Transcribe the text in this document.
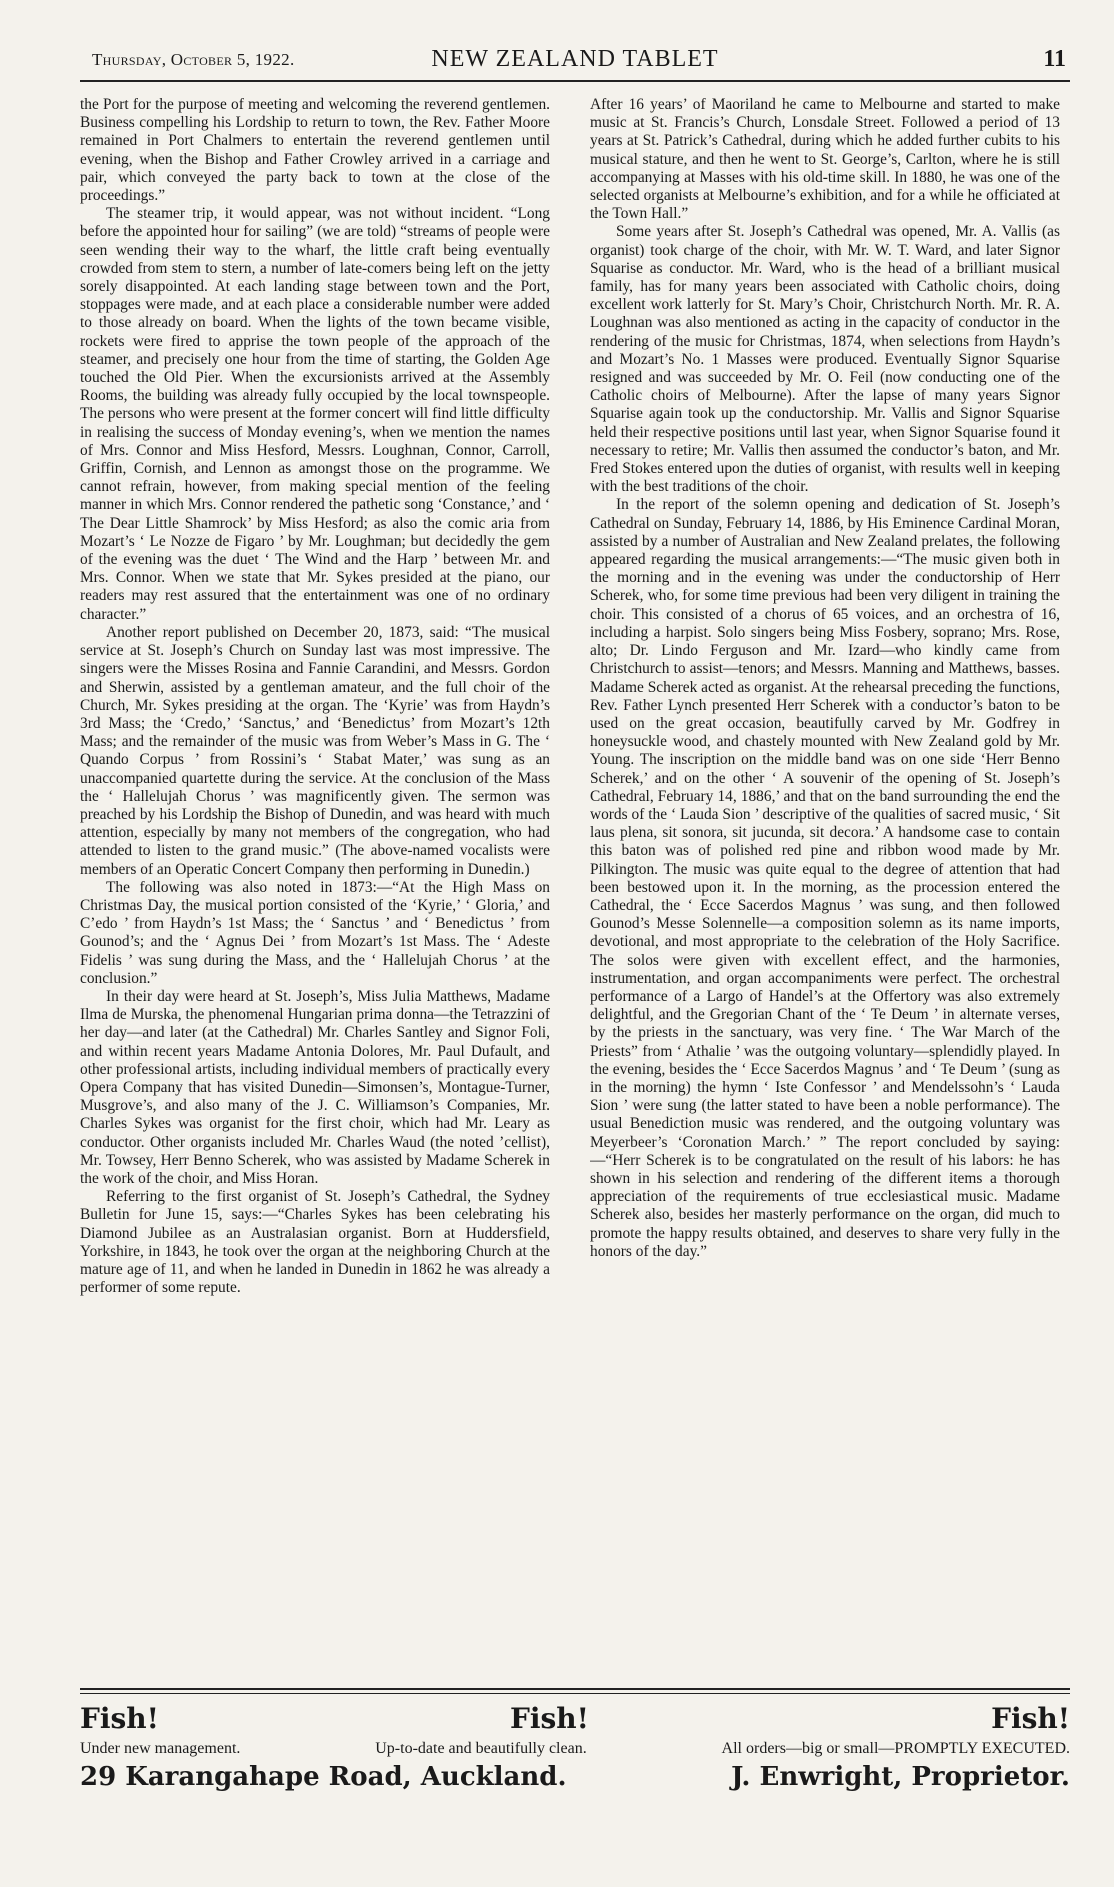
Thursday, October 5, 1922.	NEW ZEALAND TABLET	11

the Port for the purpose of meeting and welcoming the reverend gentlemen. Business compelling his Lordship to return to town, the Rev. Father Moore remained in Port Chalmers to entertain the reverend gentlemen until evening, when the Bishop and Father Crowley arrived in a carriage and pair, which conveyed the party back to town at the close of the proceedings.”

The steamer trip, it would appear, was not without incident. “Long before the appointed hour for sailing” (we are told) “streams of people were seen wending their way to the wharf, the little craft being eventually crowded from stem to stern, a number of late-comers being left on the jetty sorely disappointed. At each landing stage between town and the Port, stoppages were made, and at each place a considerable number were added to those already on board. When the lights of the town became visible, rockets were fired to apprise the town people of the approach of the steamer, and precisely one hour from the time of starting, the Golden Age touched the Old Pier. When the excursionists arrived at the Assembly Rooms, the building was already fully occupied by the local townspeople. The persons who were present at the former concert will find little difficulty in realising the success of Monday evening’s, when we mention the names of Mrs. Connor and Miss Hesford, Messrs. Loughnan, Connor, Carroll, Griffin, Cornish, and Lennon as amongst those on the programme. We cannot refrain, however, from making special mention of the feeling manner in which Mrs. Connor rendered the pathetic song ‘Constance,’ and ‘ The Dear Little Shamrock’ by Miss Hesford; as also the comic aria from Mozart’s ‘ Le Nozze de Figaro ’ by Mr. Loughman; but decidedly the gem of the evening was the duet ‘ The Wind and the Harp ’ between Mr. and Mrs. Connor. When we state that Mr. Sykes presided at the piano, our readers may rest assured that the entertainment was one of no ordinary character.”

Another report published on December 20, 1873, said: “The musical service at St. Joseph’s Church on Sunday last was most impressive. The singers were the Misses Rosina and Fannie Carandini, and Messrs. Gordon and Sherwin, assisted by a gentleman amateur, and the full choir of the Church, Mr. Sykes presiding at the organ. The ‘Kyrie’ was from Haydn’s 3rd Mass; the ‘Credo,’ ‘Sanctus,’ and ‘Benedictus’ from Mozart’s 12th Mass; and the remainder of the music was from Weber’s Mass in G. The ‘ Quando Corpus ’ from Rossini’s ‘ Stabat Mater,’ was sung as an unaccompanied quartette during the service. At the conclusion of the Mass the ‘ Hallelujah Chorus ’ was magnificently given. The sermon was preached by his Lordship the Bishop of Dunedin, and was heard with much attention, especially by many not members of the congregation, who had attended to listen to the grand music.” (The above-named vocalists were members of an Operatic Concert Company then performing in Dunedin.)

The following was also noted in 1873:—“At the High Mass on Christmas Day, the musical portion consisted of the ‘Kyrie,’ ‘ Gloria,’ and C’edo ’ from Haydn’s 1st Mass; the ‘ Sanctus ’ and ‘ Benedictus ’ from Gounod’s; and the ‘ Agnus Dei ’ from Mozart’s 1st Mass. The ‘ Adeste Fidelis ’ was sung during the Mass, and the ‘ Hallelujah Chorus ’ at the conclusion.”

In their day were heard at St. Joseph’s, Miss Julia Matthews, Madame Ilma de Murska, the phenomenal Hungarian prima donna—the Tetrazzini of her day—and later (at the Cathedral) Mr. Charles Santley and Signor Foli, and within recent years Madame Antonia Dolores, Mr. Paul Dufault, and other professional artists, including individual members of practically every Opera Company that has visited Dunedin—Simonsen’s, Montague-Turner, Musgrove’s, and also many of the J. C. Williamson’s Companies, Mr. Charles Sykes was organist for the first choir, which had Mr. Leary as conductor. Other organists included Mr. Charles Waud (the noted ’cellist), Mr. Towsey, Herr Benno Scherek, who was assisted by Madame Scherek in the work of the choir, and Miss Horan.

Referring to the first organist of St. Joseph’s Cathedral, the Sydney Bulletin for June 15, says:—“Charles Sykes has been celebrating his Diamond Jubilee as an Australasian organist. Born at Huddersfield, Yorkshire, in 1843, he took over the organ at the neighboring Church at the mature age of 11, and when he landed in Dunedin in 1862 he was already a performer of some repute.

After 16 years’ of Maoriland he came to Melbourne and started to make music at St. Francis’s Church, Lonsdale Street. Followed a period of 13 years at St. Patrick’s Cathedral, during which he added further cubits to his musical stature, and then he went to St. George’s, Carlton, where he is still accompanying at Masses with his old-time skill. In 1880, he was one of the selected organists at Melbourne’s exhibition, and for a while he officiated at the Town Hall.”

Some years after St. Joseph’s Cathedral was opened, Mr. A. Vallis (as organist) took charge of the choir, with Mr. W. T. Ward, and later Signor Squarise as conductor. Mr. Ward, who is the head of a brilliant musical family, has for many years been associated with Catholic choirs, doing excellent work latterly for St. Mary’s Choir, Christchurch North. Mr. R. A. Loughnan was also mentioned as acting in the capacity of conductor in the rendering of the music for Christmas, 1874, when selections from Haydn’s and Mozart’s No. 1 Masses were produced. Eventually Signor Squarise resigned and was succeeded by Mr. O. Feil (now conducting one of the Catholic choirs of Melbourne). After the lapse of many years Signor Squarise again took up the conductorship. Mr. Vallis and Signor Squarise held their respective positions until last year, when Signor Squarise found it necessary to retire; Mr. Vallis then assumed the conductor’s baton, and Mr. Fred Stokes entered upon the duties of organist, with results well in keeping with the best traditions of the choir.

In the report of the solemn opening and dedication of St. Joseph’s Cathedral on Sunday, February 14, 1886, by His Eminence Cardinal Moran, assisted by a number of Australian and New Zealand prelates, the following appeared regarding the musical arrangements:—“The music given both in the morning and in the evening was under the conductorship of Herr Scherek, who, for some time previous had been very diligent in training the choir. This consisted of a chorus of 65 voices, and an orchestra of 16, including a harpist. Solo singers being Miss Fosbery, soprano; Mrs. Rose, alto; Dr. Lindo Ferguson and Mr. Izard—who kindly came from Christchurch to assist—tenors; and Messrs. Manning and Matthews, basses. Madame Scherek acted as organist. At the rehearsal preceding the functions, Rev. Father Lynch presented Herr Scherek with a conductor’s baton to be used on the great occasion, beautifully carved by Mr. Godfrey in honeysuckle wood, and chastely mounted with New Zealand gold by Mr. Young. The inscription on the middle band was on one side ‘Herr Benno Scherek,’ and on the other ‘ A souvenir of the opening of St. Joseph’s Cathedral, February 14, 1886,’ and that on the band surrounding the end the words of the ‘ Lauda Sion ’ descriptive of the qualities of sacred music, ‘ Sit laus plena, sit sonora, sit jucunda, sit decora.’ A handsome case to contain this baton was of polished red pine and ribbon wood made by Mr. Pilkington. The music was quite equal to the degree of attention that had been bestowed upon it. In the morning, as the procession entered the Cathedral, the ‘ Ecce Sacerdos Magnus ’ was sung, and then followed Gounod’s Messe Solennelle—a composition solemn as its name imports, devotional, and most appropriate to the celebration of the Holy Sacrifice. The solos were given with excellent effect, and the harmonies, instrumentation, and organ accompaniments were perfect. The orchestral performance of a Largo of Handel’s at the Offertory was also extremely delightful, and the Gregorian Chant of the ‘ Te Deum ’ in alternate verses, by the priests in the sanctuary, was very fine. ‘ The War March of the Priests” from ‘ Athalie ’ was the outgoing voluntary—splendidly played. In the evening, besides the ‘ Ecce Sacerdos Magnus ’ and ‘ Te Deum ’ (sung as in the morning) the hymn ‘ Iste Confessor ’ and Mendelssohn’s ‘ Lauda Sion ’ were sung (the latter stated to have been a noble performance). The usual Benediction music was rendered, and the outgoing voluntary was Meyerbeer’s ‘Coronation March.’ ” The report concluded by saying:—“Herr Scherek is to be congratulated on the result of his labors: he has shown in his selection and rendering of the different items a thorough appreciation of the requirements of true ecclesiastical music. Madame Scherek also, besides her masterly performance on the organ, did much to promote the happy results obtained, and deserves to share very fully in the honors of the day.”

Fish!	Fish!	Fish!
Under new management.	Up-to-date and beautifully clean.	All orders—big or small—PROMPTLY EXECUTED.
29 Karangahape Road, Auckland.	J. Enwright, Proprietor.
